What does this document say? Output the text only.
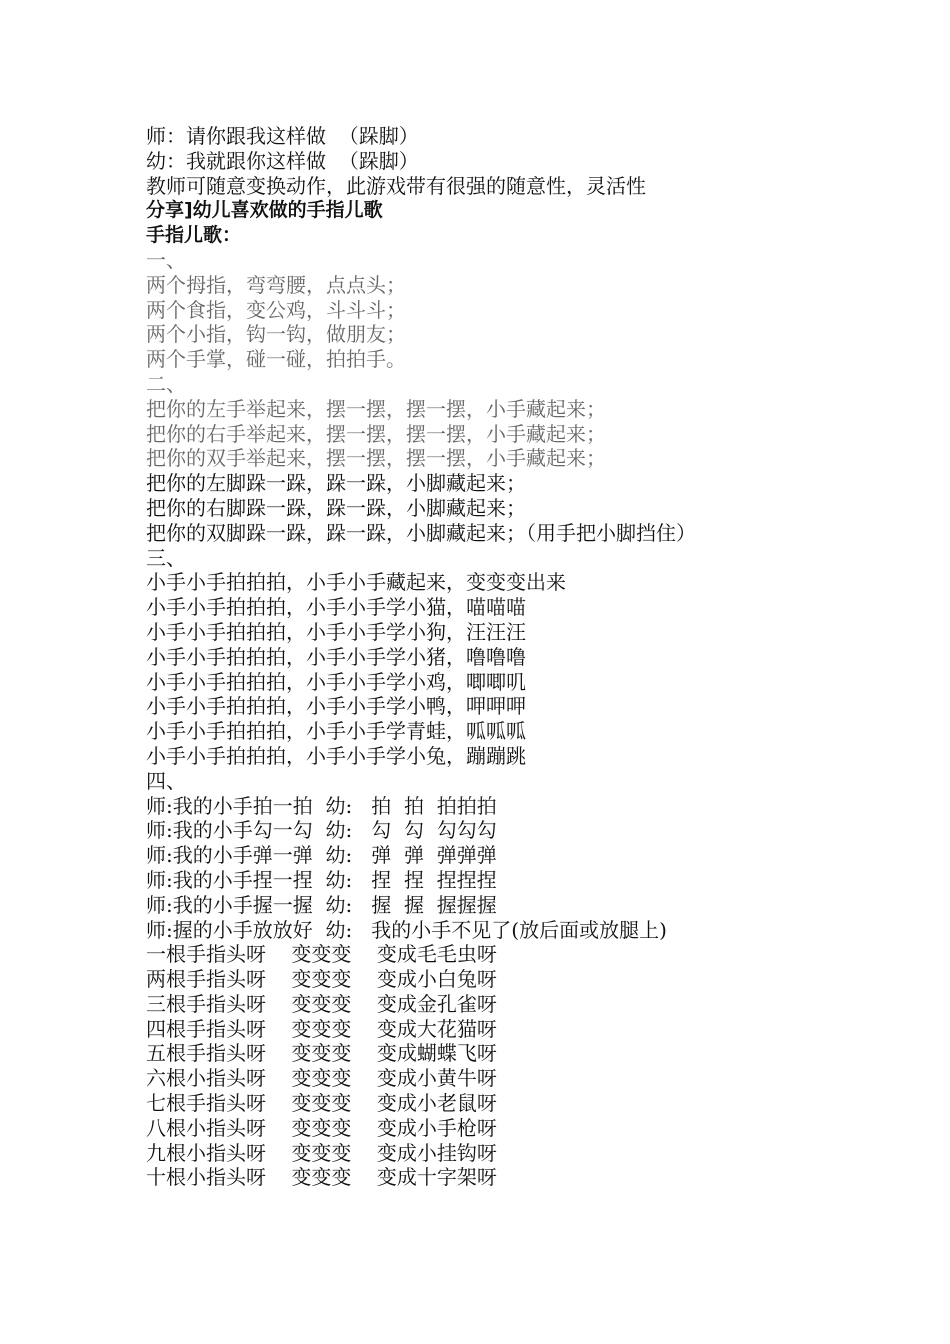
师：请你跟我这样做  （跺脚）
幼：我就跟你这样做  （跺脚）
教师可随意变换动作，此游戏带有很强的随意性，灵活性
分享]幼儿喜欢做的手指儿歌
手指儿歌：
一、
两个拇指，弯弯腰，点点头；
两个食指，变公鸡，斗斗斗；
两个小指，钩一钩，做朋友；
两个手掌，碰一碰，拍拍手。
二、
把你的左手举起来，摆一摆，摆一摆，小手藏起来；
把你的右手举起来，摆一摆，摆一摆，小手藏起来；
把你的双手举起来，摆一摆，摆一摆，小手藏起来；
把你的左脚跺一跺，跺一跺，小脚藏起来；
把你的右脚跺一跺，跺一跺，小脚藏起来；
把你的双脚跺一跺，跺一跺，小脚藏起来；（用手把小脚挡住）
三、
小手小手拍拍拍，小手小手藏起来，变变变出来
小手小手拍拍拍，小手小手学小猫，喵喵喵
小手小手拍拍拍，小手小手学小狗，汪汪汪
小手小手拍拍拍，小手小手学小猪，噜噜噜
小手小手拍拍拍，小手小手学小鸡，唧唧叽
小手小手拍拍拍，小手小手学小鸭，呷呷呷
小手小手拍拍拍，小手小手学青蛙，呱呱呱
小手小手拍拍拍，小手小手学小兔，蹦蹦跳
四、
师:我的小手拍一拍  幼:   拍  拍  拍拍拍
师:我的小手勾一勾  幼:   勾  勾  勾勾勾
师:我的小手弹一弹  幼:   弹  弹  弹弹弹
师:我的小手捏一捏  幼:   捏  捏  捏捏捏
师:我的小手握一握  幼:   握  握  握握握
师:握的小手放放好  幼:   我的小手不见了(放后面或放腿上)
一根手指头呀    变变变    变成毛毛虫呀
两根手指头呀    变变变    变成小白兔呀
三根手指头呀    变变变    变成金孔雀呀
四根手指头呀    变变变    变成大花猫呀
五根手指头呀    变变变    变成蝴蝶飞呀
六根小指头呀    变变变    变成小黄牛呀
七根手指头呀    变变变    变成小老鼠呀
八根小指头呀    变变变    变成小手枪呀
九根小指头呀    变变变    变成小挂钩呀
十根小指头呀    变变变    变成十字架呀
